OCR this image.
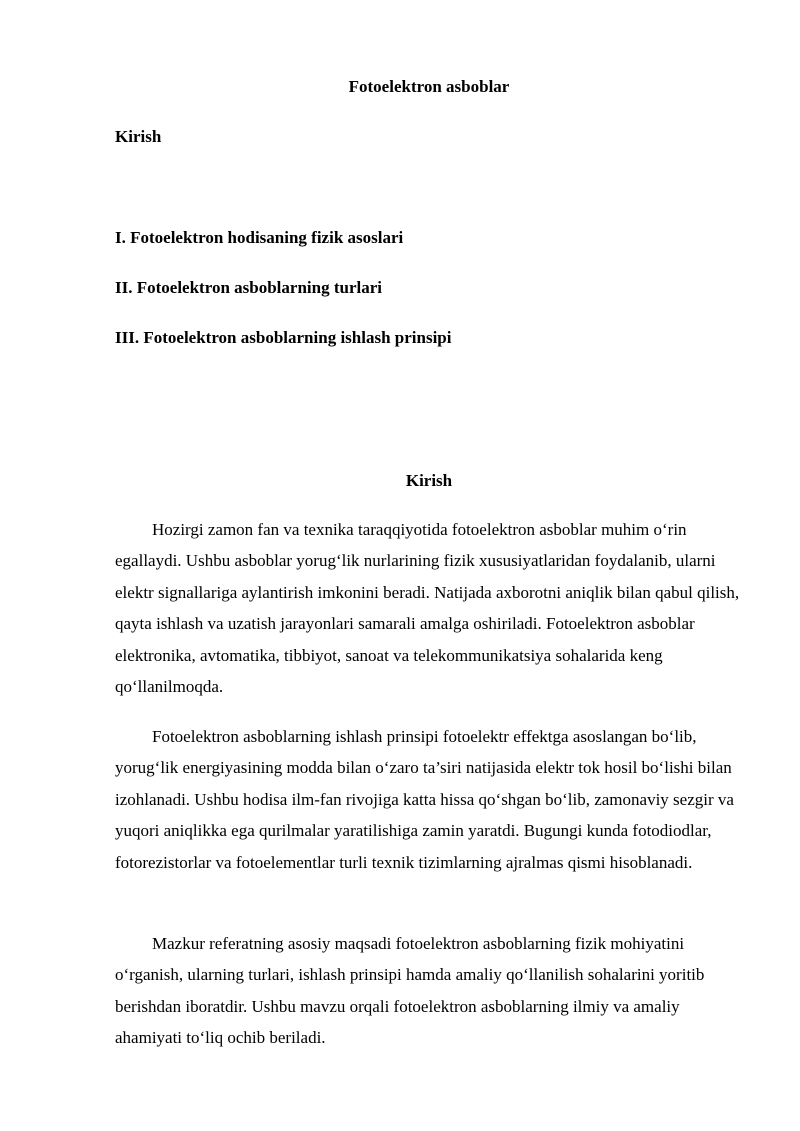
Fotoelektron asboblar

Kirish

I. Fotoelektron hodisaning fizik asoslari

II. Fotoelektron asboblarning turlari

III. Fotoelektron asboblarning ishlash prinsipi

Kirish

Hozirgi zamon fan va texnika taraqqiyotida fotoelektron asboblar muhim o‘rin egallaydi. Ushbu asboblar yorug‘lik nurlarining fizik xususiyatlaridan foydalanib, ularni elektr signallariga aylantirish imkonini beradi. Natijada axborotni aniqlik bilan qabul qilish, qayta ishlash va uzatish jarayonlari samarali amalga oshiriladi. Fotoelektron asboblar elektronika, avtomatika, tibbiyot, sanoat va telekommunikatsiya sohalarida keng qo‘llanilmoqda.

Fotoelektron asboblarning ishlash prinsipi fotoelektr effektga asoslangan bo‘lib, yorug‘lik energiyasining modda bilan o‘zaro ta’siri natijasida elektr tok hosil bo‘lishi bilan izohlanadi. Ushbu hodisa ilm-fan rivojiga katta hissa qo‘shgan bo‘lib, zamonaviy sezgir va yuqori aniqlikka ega qurilmalar yaratilishiga zamin yaratdi. Bugungi kunda fotodiodlar, fotorezistorlar va fotoelementlar turli texnik tizimlarning ajralmas qismi hisoblanadi.

Mazkur referatning asosiy maqsadi fotoelektron asboblarning fizik mohiyatini o‘rganish, ularning turlari, ishlash prinsipi hamda amaliy qo‘llanilish sohalarini yoritib berishdan iboratdir. Ushbu mavzu orqali fotoelektron asboblarning ilmiy va amaliy ahamiyati to‘liq ochib beriladi.
